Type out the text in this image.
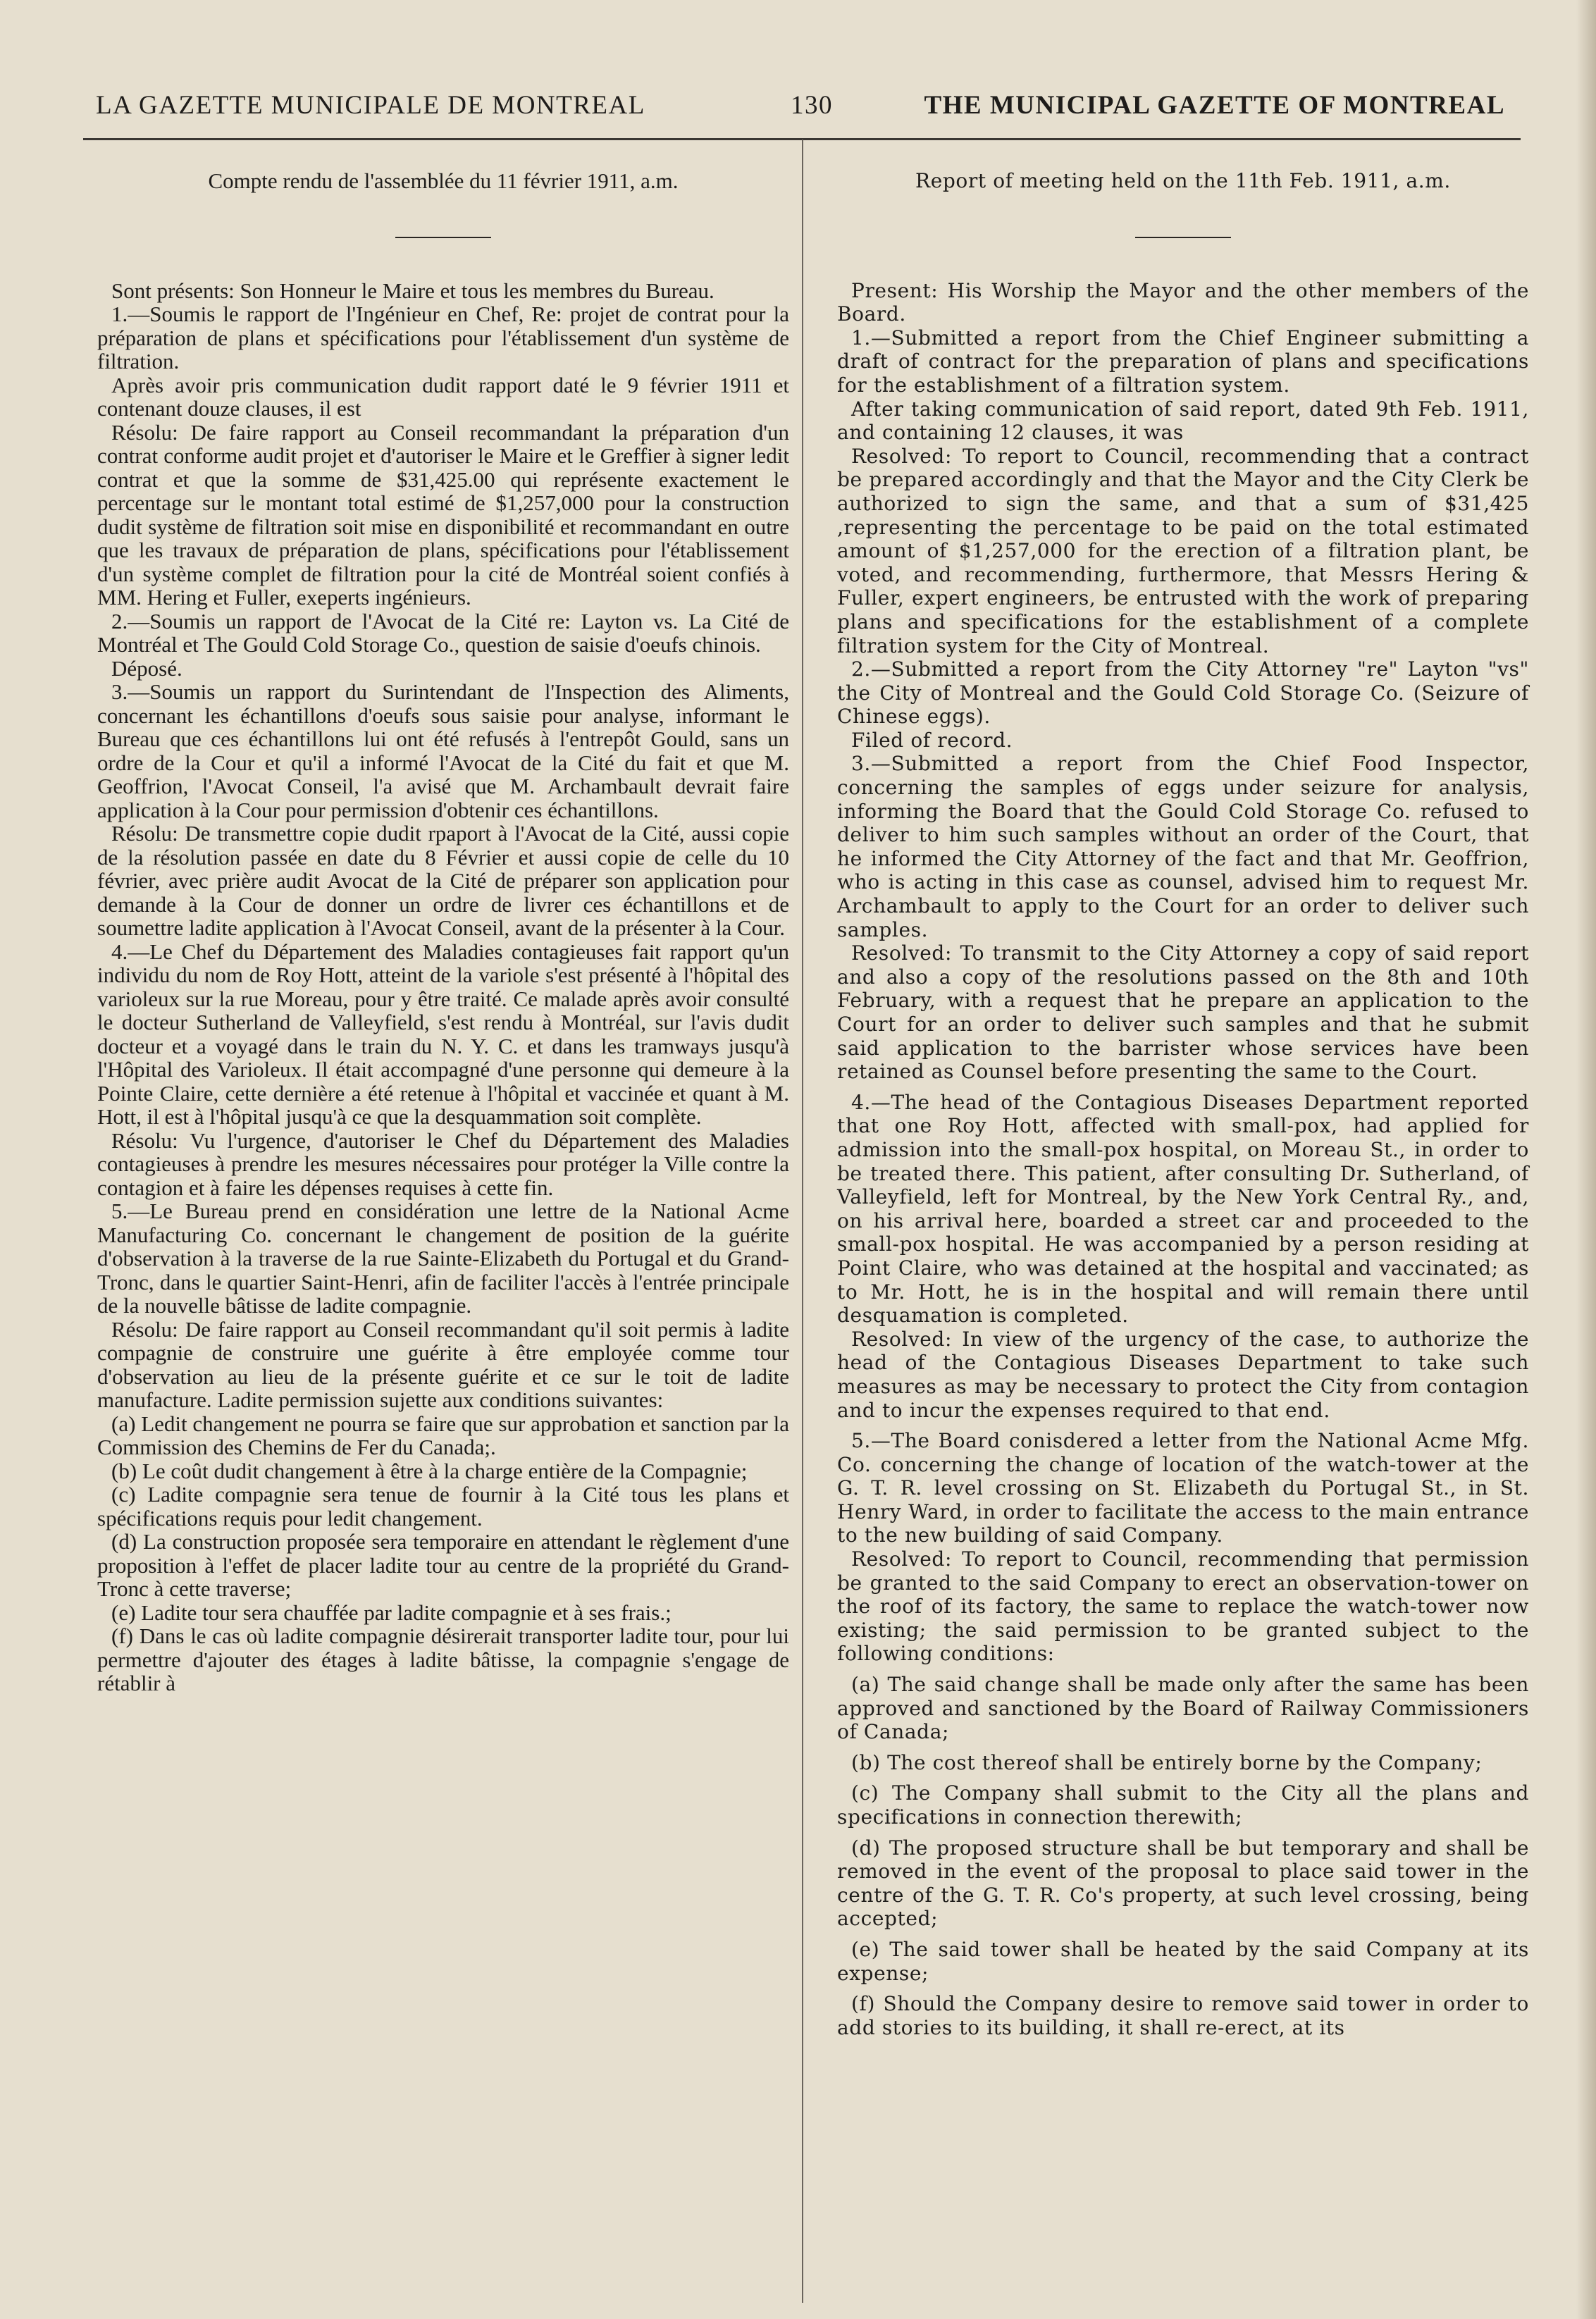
LA GAZETTE MUNICIPALE DE MONTREAL	130	THE MUNICIPAL GAZETTE OF MONTREAL

Compte rendu de l'assemblée du 11 février 1911, a.m.

Sont présents: Son Honneur le Maire et tous les membres du Bureau.

1.—Soumis le rapport de l'Ingénieur en Chef, Re: projet de contrat pour la préparation de plans et spécifications pour l'établissement d'un système de filtration.

Après avoir pris communication dudit rapport daté le 9 février 1911 et contenant douze clauses, il est

Résolu: De faire rapport au Conseil recommandant la préparation d'un contrat conforme audit projet et d'autoriser le Maire et le Greffier à signer ledit contrat et que la somme de $31,425.00 qui représente exactement le percentage sur le montant total estimé de $1,257,000 pour la construction dudit système de filtration soit mise en disponibilité et recommandant en outre que les travaux de préparation de plans, spécifications pour l'établissement d'un système complet de filtration pour la cité de Montréal soient confiés à MM. Hering et Fuller, exeperts ingénieurs.

2.—Soumis un rapport de l'Avocat de la Cité re: Layton vs. La Cité de Montréal et The Gould Cold Storage Co., question de saisie d'oeufs chinois.

Déposé.

3.—Soumis un rapport du Surintendant de l'Inspection des Aliments, concernant les échantillons d'oeufs sous saisie pour analyse, informant le Bureau que ces échantillons lui ont été refusés à l'entrepôt Gould, sans un ordre de la Cour et qu'il a informé l'Avocat de la Cité du fait et que M. Geoffrion, l'Avocat Conseil, l'a avisé que M. Archambault devrait faire application à la Cour pour permission d'obtenir ces échantillons.

Résolu: De transmettre copie dudit rpaport à l'Avocat de la Cité, aussi copie de la résolution passée en date du 8 Février et aussi copie de celle du 10 février, avec prière audit Avocat de la Cité de préparer son application pour demande à la Cour de donner un ordre de livrer ces échantillons et de soumettre ladite application à l'Avocat Conseil, avant de la présenter à la Cour.

4.—Le Chef du Département des Maladies contagieuses fait rapport qu'un individu du nom de Roy Hott, atteint de la variole s'est présenté à l'hôpital des varioleux sur la rue Moreau, pour y être traité. Ce malade après avoir consulté le docteur Sutherland de Valleyfield, s'est rendu à Montréal, sur l'avis dudit docteur et a voyagé dans le train du N. Y. C. et dans les tramways jusqu'à l'Hôpital des Varioleux. Il était accompagné d'une personne qui demeure à la Pointe Claire, cette dernière a été retenue à l'hôpital et vaccinée et quant à M. Hott, il est à l'hôpital jusqu'à ce que la desquammation soit complète.

Résolu: Vu l'urgence, d'autoriser le Chef du Département des Maladies contagieuses à prendre les mesures nécessaires pour protéger la Ville contre la contagion et à faire les dépenses requises à cette fin.

5.—Le Bureau prend en considération une lettre de la National Acme Manufacturing Co. concernant le changement de position de la guérite d'observation à la traverse de la rue Sainte-Elizabeth du Portugal et du Grand-Tronc, dans le quartier Saint-Henri, afin de faciliter l'accès à l'entrée principale de la nouvelle bâtisse de ladite compagnie.

Résolu: De faire rapport au Conseil recommandant qu'il soit permis à ladite compagnie de construire une guérite à être employée comme tour d'observation au lieu de la présente guérite et ce sur le toit de ladite manufacture. Ladite permission sujette aux conditions suivantes:

(a) Ledit changement ne pourra se faire que sur approbation et sanction par la Commission des Chemins de Fer du Canada;.

(b) Le coût dudit changement à être à la charge entière de la Compagnie;

(c) Ladite compagnie sera tenue de fournir à la Cité tous les plans et spécifications requis pour ledit changement.

(d) La construction proposée sera temporaire en attendant le règlement d'une proposition à l'effet de placer ladite tour au centre de la propriété du Grand-Tronc à cette traverse;

(e) Ladite tour sera chauffée par ladite compagnie et à ses frais.;

(f) Dans le cas où ladite compagnie désirerait transporter ladite tour, pour lui permettre d'ajouter des étages à ladite bâtisse, la compagnie s'engage de rétablir à

Report of meeting held on the 11th Feb. 1911, a.m.

Present: His Worship the Mayor and the other members of the Board.

1.—Submitted a report from the Chief Engineer submitting a draft of contract for the preparation of plans and specifications for the establishment of a filtration system.

After taking communication of said report, dated 9th Feb. 1911, and containing 12 clauses, it was

Resolved: To report to Council, recommending that a contract be prepared accordingly and that the Mayor and the City Clerk be authorized to sign the same, and that a sum of $31,425 ,representing the percentage to be paid on the total estimated amount of $1,257,000 for the erection of a filtration plant, be voted, and recommending, furthermore, that Messrs Hering & Fuller, expert engineers, be entrusted with the work of preparing plans and specifications for the establishment of a complete filtration system for the City of Montreal.

2.—Submitted a report from the City Attorney "re" Layton "vs" the City of Montreal and the Gould Cold Storage Co. (Seizure of Chinese eggs).

Filed of record.

3.—Submitted a report from the Chief Food Inspector, concerning the samples of eggs under seizure for analysis, informing the Board that the Gould Cold Storage Co. refused to deliver to him such samples without an order of the Court, that he informed the City Attorney of the fact and that Mr. Geoffrion, who is acting in this case as counsel, advised him to request Mr. Archambault to apply to the Court for an order to deliver such samples.

Resolved: To transmit to the City Attorney a copy of said report and also a copy of the resolutions passed on the 8th and 10th February, with a request that he prepare an application to the Court for an order to deliver such samples and that he submit said application to the barrister whose services have been retained as Counsel before presenting the same to the Court.

4.—The head of the Contagious Diseases Department reported that one Roy Hott, affected with small-pox, had applied for admission into the small-pox hospital, on Moreau St., in order to be treated there. This patient, after consulting Dr. Sutherland, of Valleyfield, left for Montreal, by the New York Central Ry., and, on his arrival here, boarded a street car and proceeded to the small-pox hospital. He was accompanied by a person residing at Point Claire, who was detained at the hospital and vaccinated; as to Mr. Hott, he is in the hospital and will remain there until desquamation is completed.

Resolved: In view of the urgency of the case, to authorize the head of the Contagious Diseases Department to take such measures as may be necessary to protect the City from contagion and to incur the expenses required to that end.

5.—The Board conisdered a letter from the National Acme Mfg. Co. concerning the change of location of the watch-tower at the G. T. R. level crossing on St. Elizabeth du Portugal St., in St. Henry Ward, in order to facilitate the access to the main entrance to the new building of said Company.

Resolved: To report to Council, recommending that permission be granted to the said Company to erect an observation-tower on the roof of its factory, the same to replace the watch-tower now existing; the said permission to be granted subject to the following conditions:

(a) The said change shall be made only after the same has been approved and sanctioned by the Board of Railway Commissioners of Canada;

(b) The cost thereof shall be entirely borne by the Company;

(c) The Company shall submit to the City all the plans and specifications in connection therewith;

(d) The proposed structure shall be but temporary and shall be removed in the event of the proposal to place said tower in the centre of the G. T. R. Co's property, at such level crossing, being accepted;

(e) The said tower shall be heated by the said Company at its expense;

(f) Should the Company desire to remove said tower in order to add stories to its building, it shall re-erect, at its
